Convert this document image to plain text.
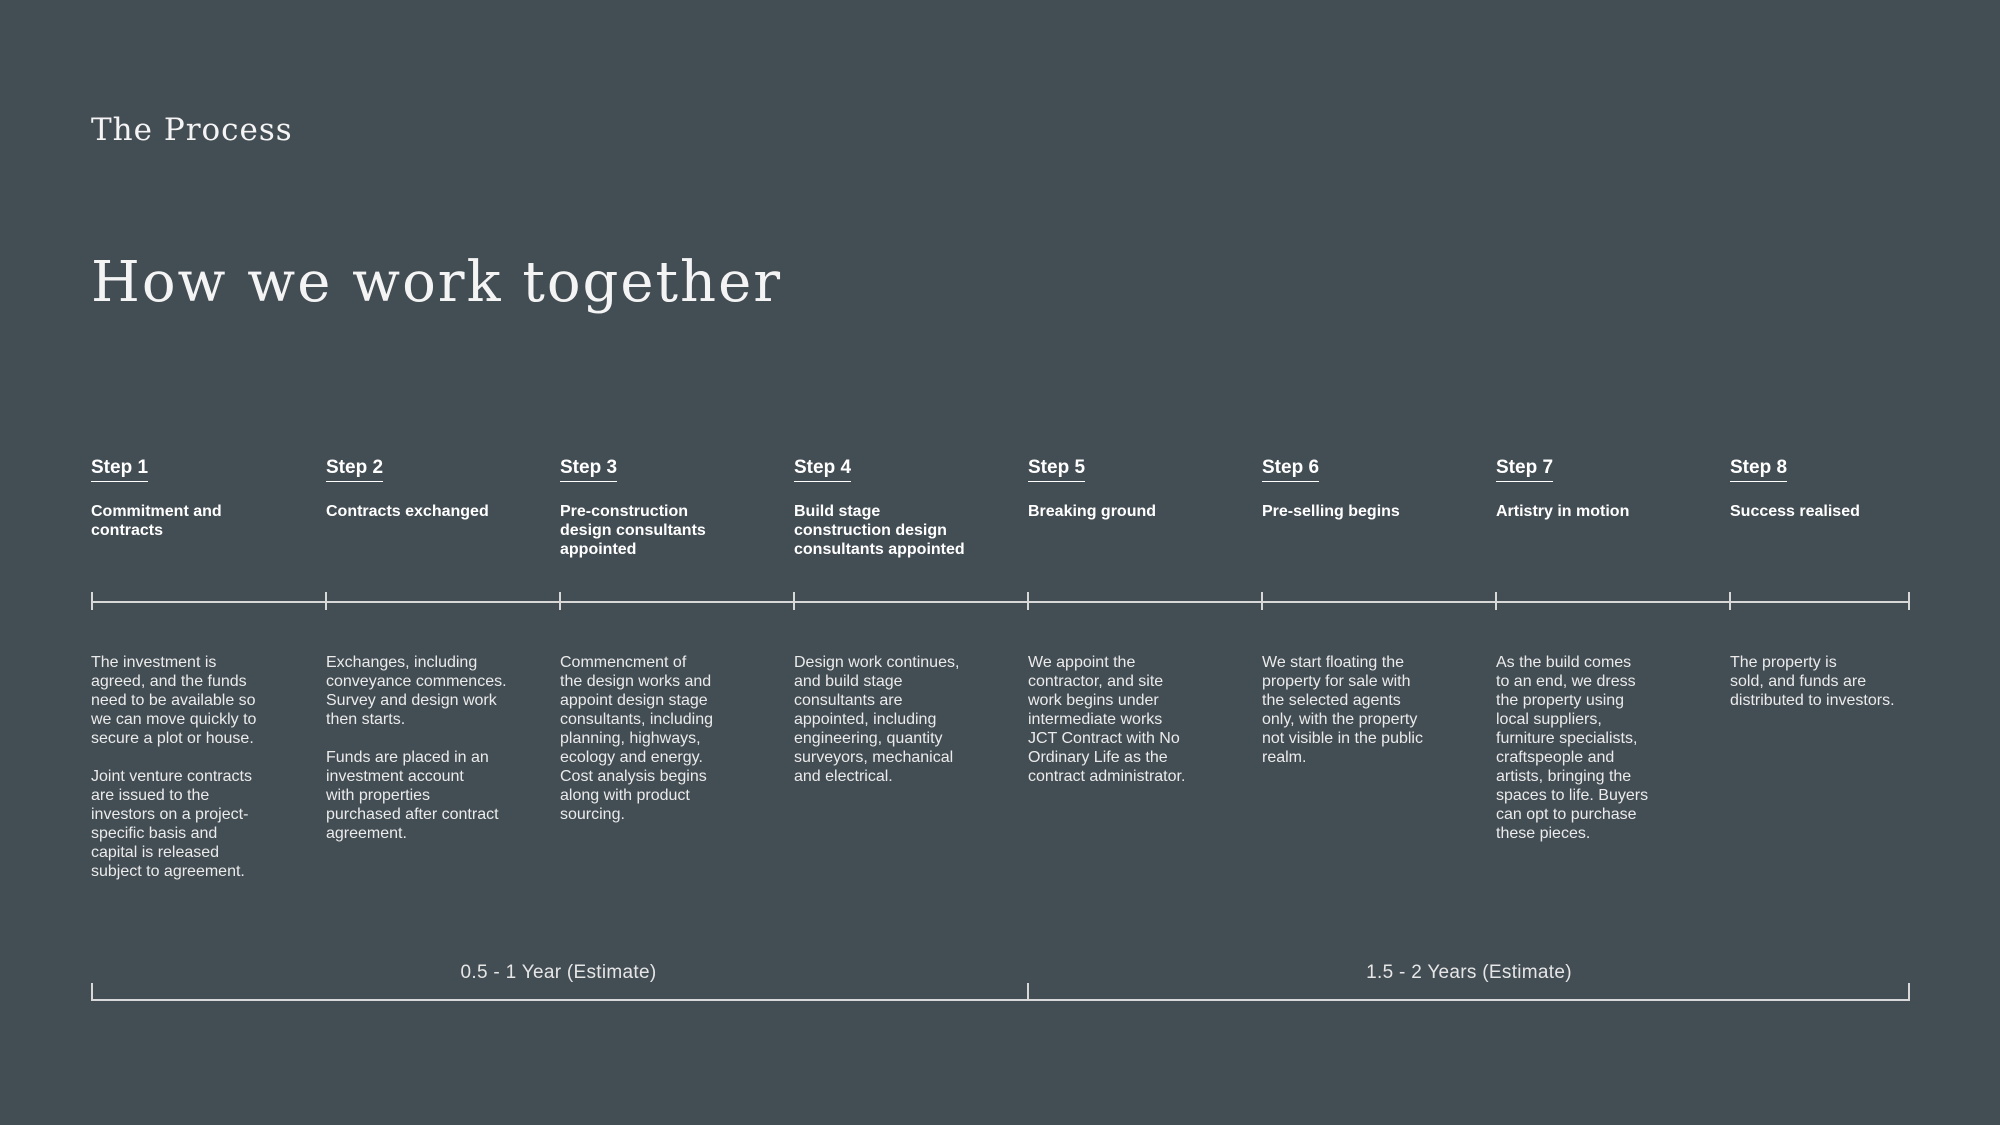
The Process
How we work together
Step 1
Commitment and
contracts
Step 2
Contracts exchanged
Step 3
Pre-construction
design consultants
appointed
Step 4
Build stage
construction design
consultants appointed
Step 5
Breaking ground
Step 6
Pre-selling begins
Step 7
Artistry in motion
Step 8
Success realised
The investment is
agreed, and the funds
need to be available so
we can move quickly to
secure a plot or house.

Joint venture contracts
are issued to the
investors on a project-
specific basis and
capital is released
subject to agreement.
Exchanges, including
conveyance commences.
Survey and design work
then starts.

Funds are placed in an
investment account
with properties
purchased after contract
agreement.
Commencment of
the design works and
appoint design stage
consultants, including
planning, highways,
ecology and energy.
Cost analysis begins
along with product
sourcing.
Design work continues,
and build stage
consultants are
appointed, including
engineering, quantity
surveyors, mechanical
and electrical.
We appoint the
contractor, and site
work begins under
intermediate works
JCT Contract with No
Ordinary Life as the
contract administrator.
We start floating the
property for sale with
the selected agents
only, with the property
not visible in the public
realm.
As the build comes
to an end, we dress
the property using
local suppliers,
furniture specialists,
craftspeople and
artists, bringing the
spaces to life. Buyers
can opt to purchase
these pieces.
The property is
sold, and funds are
distributed to investors.
0.5 - 1 Year (Estimate)	1.5 - 2 Years (Estimate)
